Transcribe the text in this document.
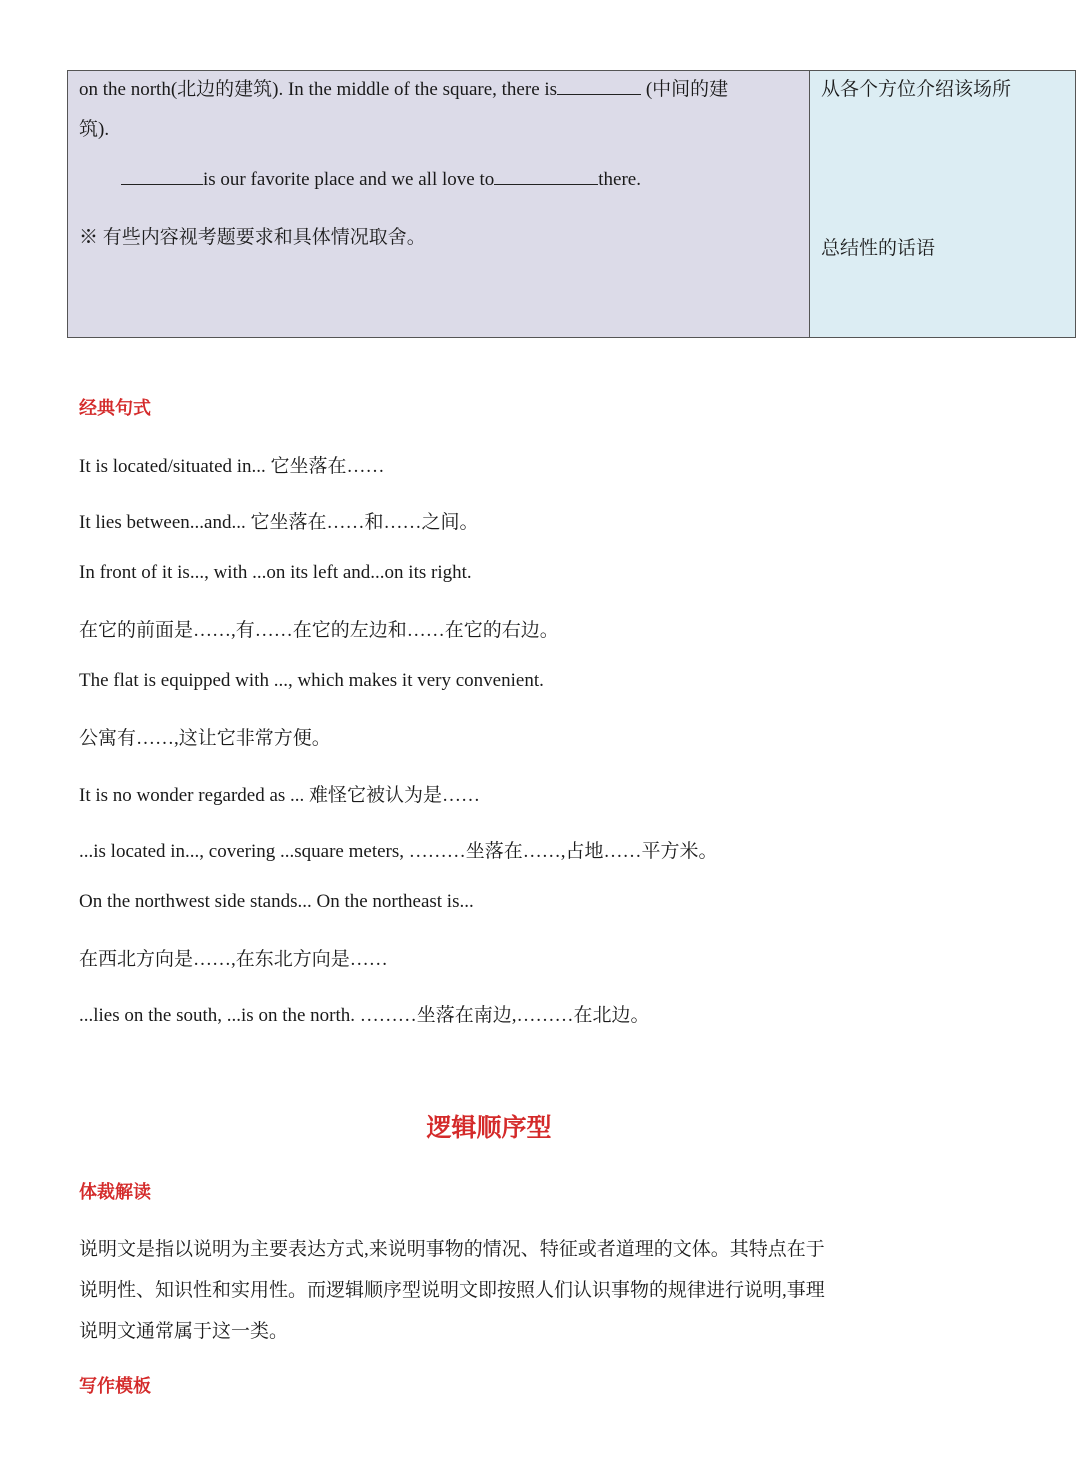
on the north(北边的建筑). In the middle of the square, there is	(中间的建
筑).
is our favorite place and we all love to	there.
※ 有些内容视考题要求和具体情况取舍。
从各个方位介绍该场所
总结性的话语
经典句式
It is located/situated in... 它坐落在……
It lies between...and... 它坐落在……和……之间。
In front of it is..., with ...on its left and...on its right.
在它的前面是……,有……在它的左边和……在它的右边。
The flat is equipped with ..., which makes it very convenient.
公寓有……,这让它非常方便。
It is no wonder regarded as ... 难怪它被认为是……
...is located in..., covering ...square meters, ………坐落在……,占地……平方米。
On the northwest side stands... On the northeast is...
在西北方向是……,在东北方向是……
...lies on the south, ...is on the north. ………坐落在南边,………在北边。
逻辑顺序型
体裁解读
说明文是指以说明为主要表达方式,来说明事物的情况、特征或者道理的文体。其特点在于
说明性、知识性和实用性。而逻辑顺序型说明文即按照人们认识事物的规律进行说明,事理
说明文通常属于这一类。
写作模板
